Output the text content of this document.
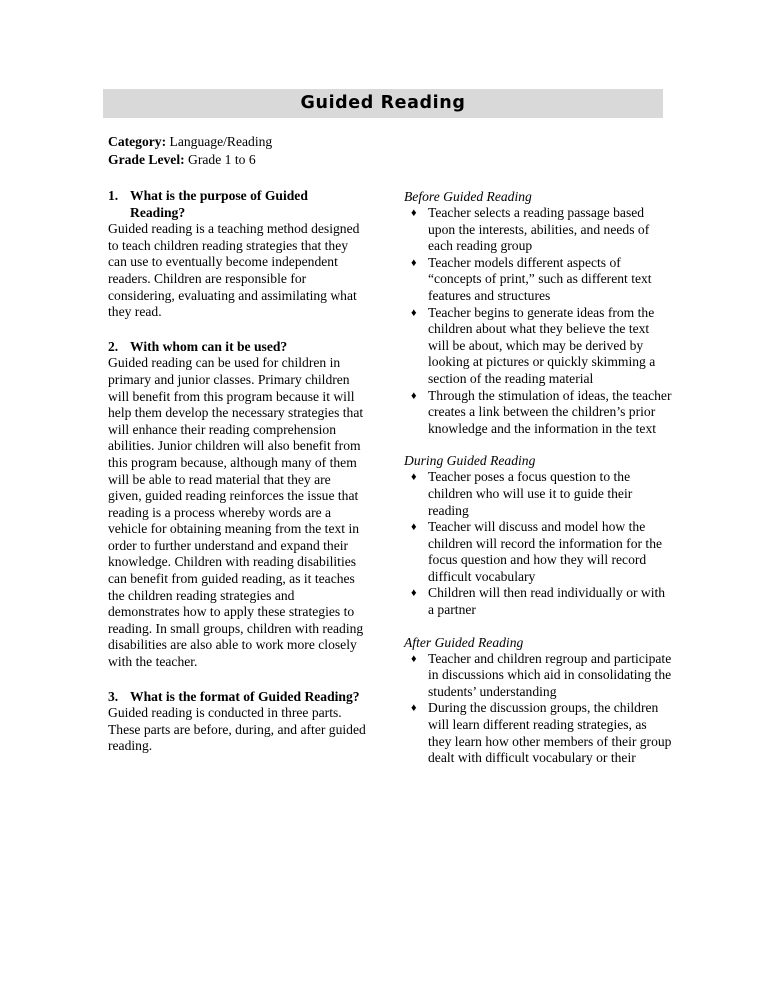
Guided Reading
Category: Language/Reading
Grade Level: Grade 1 to 6
1. What is the purpose of Guided Reading?

Guided reading is a teaching method designed to teach children reading strategies that they can use to eventually become independent readers. Children are responsible for considering, evaluating and assimilating what they read.

2. With whom can it be used?

Guided reading can be used for children in primary and junior classes. Primary children will benefit from this program because it will help them develop the necessary strategies that will enhance their reading comprehension abilities. Junior children will also benefit from this program because, although many of them will be able to read material that they are given, guided reading reinforces the issue that reading is a process whereby words are a vehicle for obtaining meaning from the text in order to further understand and expand their knowledge. Children with reading disabilities can benefit from guided reading, as it teaches the children reading strategies and demonstrates how to apply these strategies to reading. In small groups, children with reading disabilities are also able to work more closely with the teacher.

3. What is the format of Guided Reading?

Guided reading is conducted in three parts. These parts are before, during, and after guided reading.

Before Guided Reading
♦ Teacher selects a reading passage based upon the interests, abilities, and needs of each reading group
♦ Teacher models different aspects of “concepts of print,” such as different text features and structures
♦ Teacher begins to generate ideas from the children about what they believe the text will be about, which may be derived by looking at pictures or quickly skimming a section of the reading material
♦ Through the stimulation of ideas, the teacher creates a link between the children’s prior knowledge and the information in the text
During Guided Reading
♦ Teacher poses a focus question to the children who will use it to guide their reading
♦ Teacher will discuss and model how the children will record the information for the focus question and how they will record difficult vocabulary
♦ Children will then read individually or with a partner
After Guided Reading
♦ Teacher and children regroup and participate in discussions which aid in consolidating the students’ understanding
♦ During the discussion groups, the children will learn different reading strategies, as they learn how other members of their group dealt with difficult vocabulary or their
